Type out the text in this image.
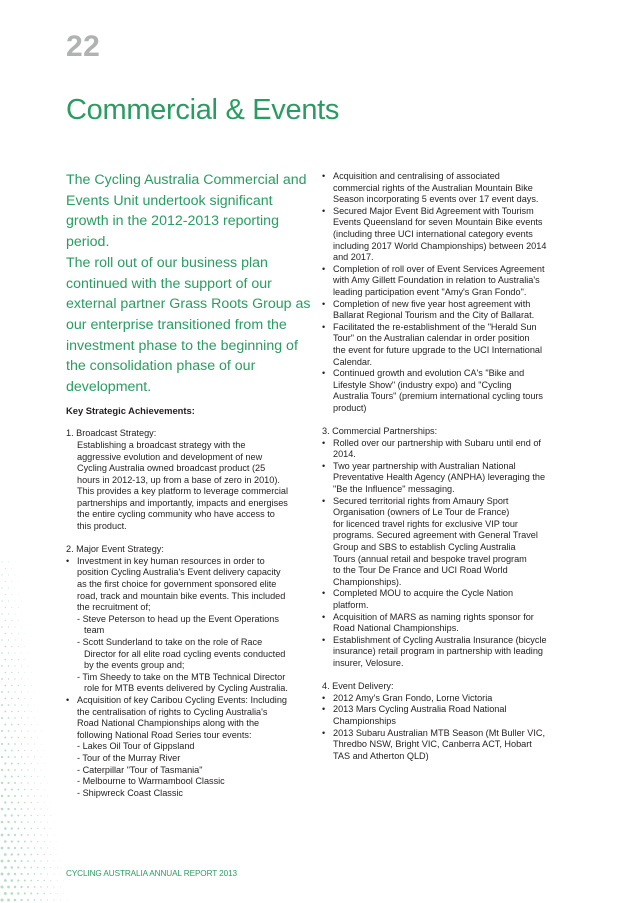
22
Commercial & Events

The Cycling Australia Commercial and Events Unit undertook significant growth in the 2012-2013 reporting period.

The roll out of our business plan continued with the support of our external partner Grass Roots Group as our enterprise transitioned from the investment phase to the beginning of the consolidation phase of our development.

Key Strategic Achievements:
1. Broadcast Strategy:
Establishing a broadcast strategy with the
aggressive evolution and development of new
Cycling Australia owned broadcast product (25
hours in 2012-13, up from a base of zero in 2010).
This provides a key platform to leverage commercial
partnerships and importantly, impacts and energises
the entire cycling community who have access to
this product.
2. Major Event Strategy:
• Investment in key human resources in order to
position Cycling Australia's Event delivery capacity
as the first choice for government sponsored elite
road, track and mountain bike events. This included
the recruitment of;
- Steve Peterson to head up the Event Operations
team
- Scott Sunderland to take on the role of Race
Director for all elite road cycling events conducted
by the events group and;
- Tim Sheedy to take on the MTB Technical Director
role for MTB events delivered by Cycling Australia.
• Acquisition of key Caribou Cycling Events: Including
the centralisation of rights to Cycling Australia's
Road National Championships along with the
following National Road Series tour events:
- Lakes Oil Tour of Gippsland
- Tour of the Murray River
- Caterpillar "Tour of Tasmania"
- Melbourne to Warrnambool Classic
- Shipwreck Coast Classic
• Acquisition and centralising of associated
commercial rights of the Australian Mountain Bike
Season incorporating 5 events over 17 event days.
• Secured Major Event Bid Agreement with Tourism
Events Queensland for seven Mountain Bike events
(including three UCI international category events
including 2017 World Championships) between 2014
and 2017.
• Completion of roll over of Event Services Agreement
with Amy Gillett Foundation in relation to Australia's
leading participation event "Amy's Gran Fondo".
• Completion of new five year host agreement with
Ballarat Regional Tourism and the City of Ballarat.
• Facilitated the re-establishment of the "Herald Sun
Tour" on the Australian calendar in order position
the event for future upgrade to the UCI International
Calendar.
• Continued growth and evolution CA's "Bike and
Lifestyle Show" (industry expo) and "Cycling
Australia Tours" (premium international cycling tours
product)
3. Commercial Partnerships:
• Rolled over our partnership with Subaru until end of
2014.
• Two year partnership with Australian National
Preventative Health Agency (ANPHA) leveraging the
"Be the Influence" messaging.
• Secured territorial rights from Amaury Sport
Organisation (owners of Le Tour de France)
for licenced travel rights for exclusive VIP tour
programs. Secured agreement with General Travel
Group and SBS to establish Cycling Australia
Tours (annual retail and bespoke travel program
to the Tour De France and UCI Road World
Championships).
• Completed MOU to acquire the Cycle Nation
platform.
• Acquisition of MARS as naming rights sponsor for
Road National Championships.
• Establishment of Cycling Australia Insurance (bicycle
insurance) retail program in partnership with leading
insurer, Velosure.
4. Event Delivery:
• 2012 Amy's Gran Fondo, Lorne Victoria
• 2013 Mars Cycling Australia Road National
Championships
• 2013 Subaru Australian MTB Season (Mt Buller VIC,
Thredbo NSW, Bright VIC, Canberra ACT, Hobart
TAS and Atherton QLD)
CYCLING AUSTRALIA ANNUAL REPORT 2013
